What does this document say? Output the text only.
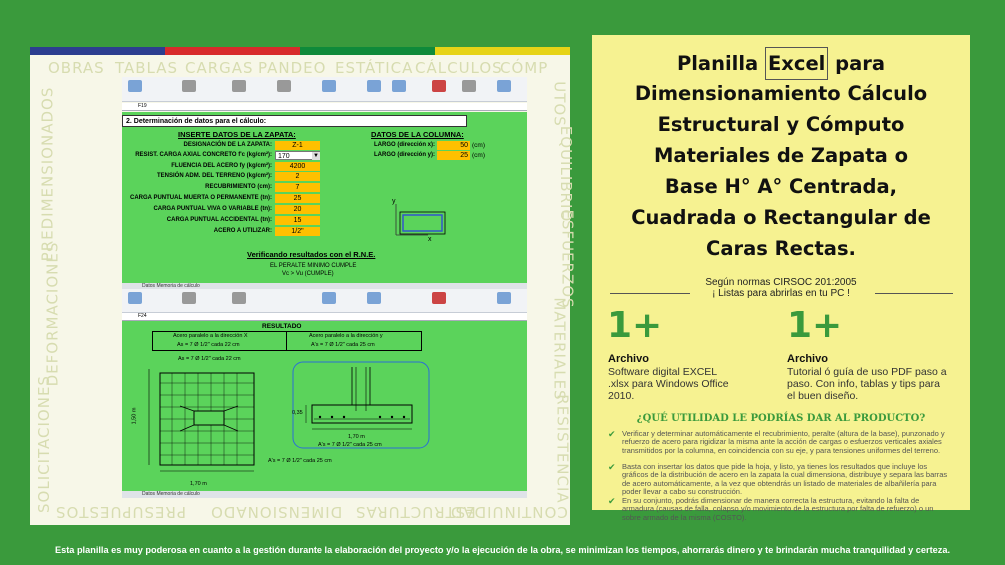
OBRAS TABLAS CARGAS PANDEO ESTÁTICA CÁLCULOS
CÓMP
SOLICITACIONES
DEFORMACIONES
PREDIMENSIONADOS	UTOS
EQUILIBRIO
ESFUERZOS
MATERIALES
RESISTENCIA
CONTINUIDAD
ESTRUCTURAS
DIMENSIONADO
PRESUPUESTOS
F19
2. Determinación de datos para el cálculo:
INSERTE DATOS DE LA ZAPATA:	DATOS DE LA COLUMNA:
DESIGNACIÓN DE LA ZAPATA:	Z-1
RESIST. CARGA AXIAL CONCRETO f'c (kg/cm²): 170	▼
FLUENCIA DEL ACERO fy (kg/cm²):	4200
TENSIÓN ADM. DEL TERRENO (kg/cm²):	2
RECUBRIMIENTO (cm):	7
CARGA PUNTUAL MUERTA O PERMANENTE (tn):	25
CARGA PUNTUAL VIVA O VARIABLE (tn):	20
CARGA PUNTUAL ACCIDENTAL (tn):	15
ACERO A UTILIZAR:	1/2"
LARGO (dirección x):	50 (cm)
LARGO (dirección y):	25 (cm)
y
x
Verificando resultados con el R.N.E.
EL PERALTE MINIMO CUMPLE
Vc > Vu (CUMPLE)
Datos Memoria de cálculo
F24
RESULTADO
Acero paralelo a la dirección X
As = 7 Ø 1/2" cada 22 cm
Acero paralelo a la dirección y
A's = 7 Ø 1/2" cada 25 cm
As = 7 Ø 1/2" cada 22 cm
1,50 m
1,70 m
A's = 7 Ø 1/2" cada 25 cm
0,35
1,70 m
A's = 7 Ø 1/2" cada 25 cm
Datos Memoria de cálculo
Planilla Excel para
Dimensionamiento Cálculo
Estructural y Cómputo
Materiales de Zapata o
Base H° A° Centrada,
Cuadrada o Rectangular de
Caras Rectas.
Según normas CIRSOC 201:2005
¡ Listas para abrirlas en tu PC !
1+
Archivo
Software digital EXCEL .xlsx para Windows Office 2010.
1+
Archivo
Tutorial ó guía de uso PDF paso a paso. Con info, tablas y tips para el buen diseño.
¿QUÉ UTILIDAD LE PODRÍAS DAR AL PRODUCTO?
✔ Verificar y determinar automáticamente el recubrimiento, peralte (altura de la base), punzonado y refuerzo de acero para rigidizar la misma ante la acción de cargas o esfuerzos verticales axiales transmitidos por la columna, en coincidencia con su eje, y para tensiones uniformes del terreno.
✔ Basta con insertar los datos que pide la hoja, y listo, ya tienes los resultados que incluye los gráficos de la distribución de acero en la zapata la cual dimensiona, distribuye y separa las barras de acero automáticamente, a la vez que obtendrás un listado de materiales de albañilería para poder llevar a cabo su construcción.
✔ En su conjunto, podrás dimensionar de manera correcta la estructura, evitando la falta de armadura (causas de falla, colapso y/o movimiento de la estructura por falta de refuerzo) o un sobre armado de la misma (COSTO).
Esta planilla es muy poderosa en cuanto a la gestión durante la elaboración del proyecto y/o la ejecución de la obra, se minimizan los tiempos, ahorrarás dinero y te brindarán mucha tranquilidad y certeza.
